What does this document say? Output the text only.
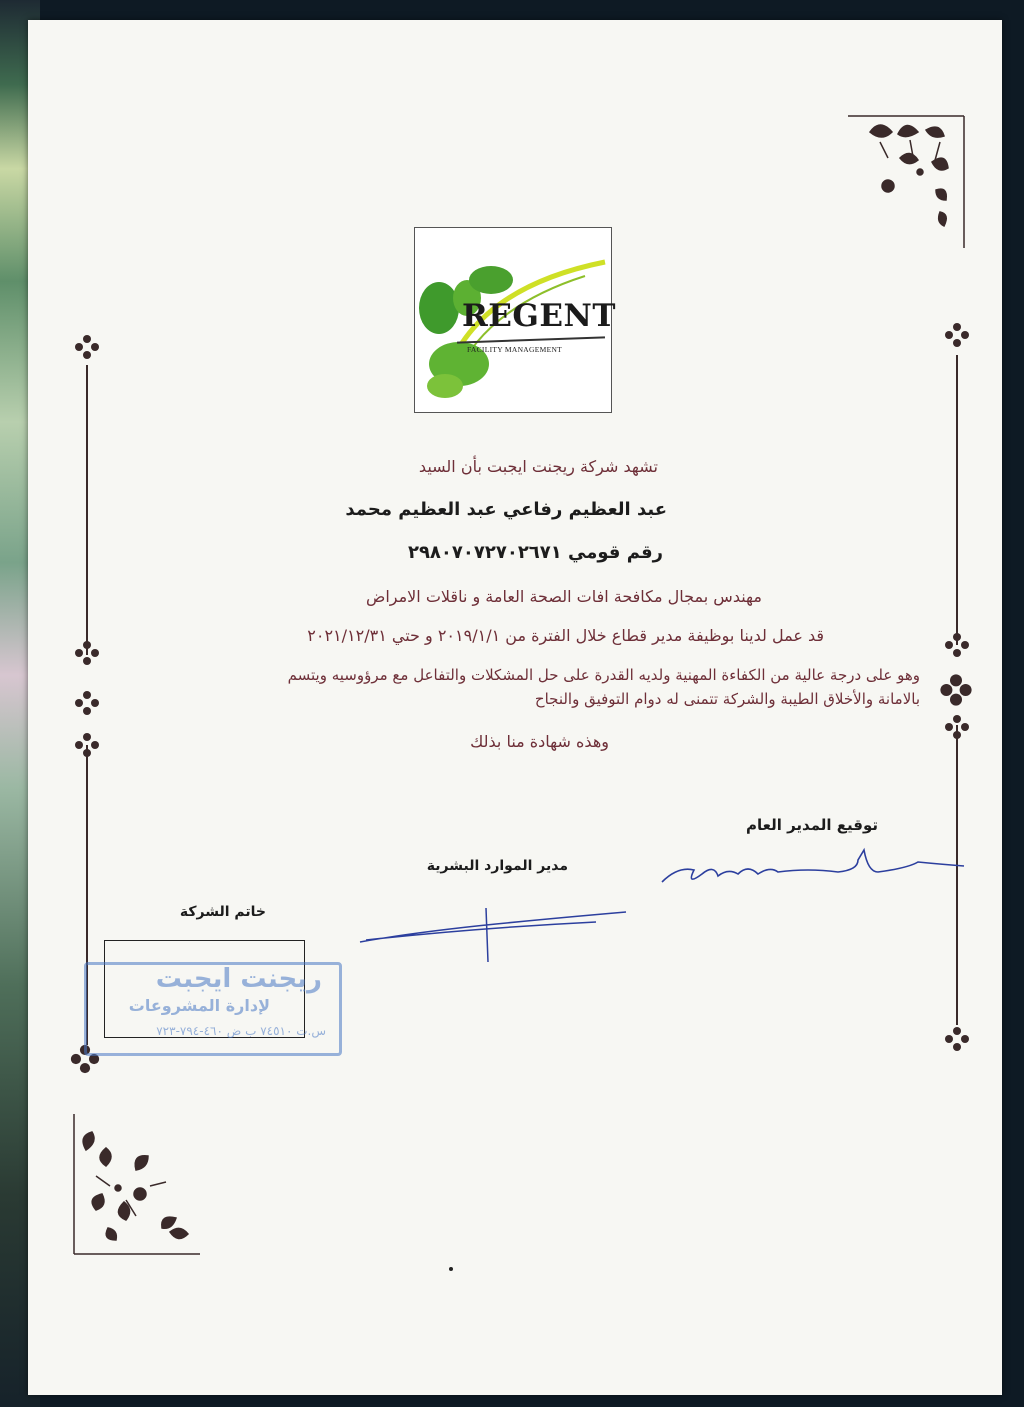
REGENT
FACILITY MANAGEMENT
تشهد شركة ريجنت ايجبت بأن السيد
عبد العظيم رفاعي عبد العظيم محمد
رقم قومي ٢٩٨٠٧٠٧٢٧٠٢٦٧١
مهندس بمجال مكافحة افات الصحة العامة و ناقلات الامراض
قد عمل لدينا بوظيفة مدير قطاع خلال الفترة من ٢٠١٩/١/١ و حتي ٢٠٢١/١٢/٣١
وهو على درجة عالية من الكفاءة المهنية ولديه القدرة على حل المشكلات والتفاعل مع مرؤوسيه ويتسم
بالامانة والأخلاق الطيبة والشركة تتمنى له دوام التوفيق والنجاح
وهذه شهادة منا بذلك
توقيع المدير العام
مدير الموارد البشرية
خاتم الشركة
ريجنت ايجبت
لإدارة المشروعات
س.ت ٧٤٥١٠ ب ض ٤٦٠-٧٩٤-٧٢٣
